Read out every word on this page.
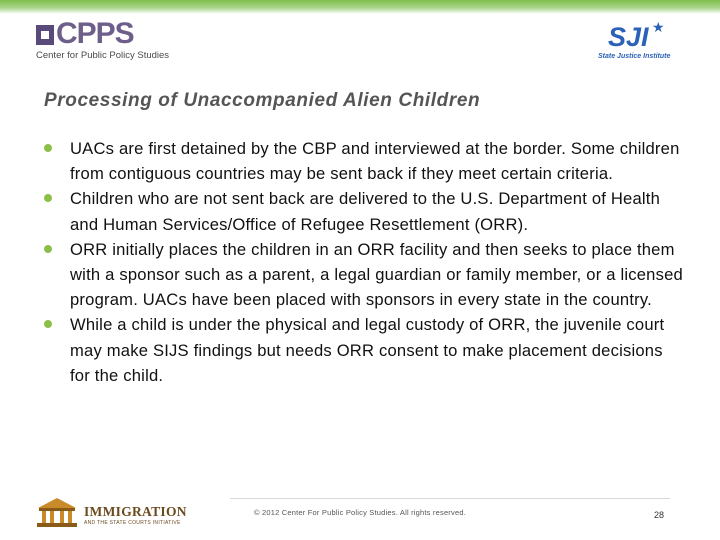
CPPS
Center for Public Policy Studies
SJI ★
State Justice Institute
Processing of Unaccompanied Alien Children
UACs are first detained by the CBP and interviewed at the border. Some children from contiguous countries may be sent back if they meet certain criteria.
Children who are not sent back are delivered to the U.S. Department of Health and Human Services/Office of Refugee Resettlement (ORR).
ORR initially places the children in an ORR facility and then seeks to place them with a sponsor such as a parent, a legal guardian or family member, or a licensed program. UACs have been placed with sponsors in every state in the country.
While a child is under the physical and legal custody of ORR, the juvenile court may make SIJS findings but needs ORR consent to make placement decisions for the child.
IMMIGRATION
AND THE STATE COURTS INITIATIVE
© 2012 Center For Public Policy Studies. All rights reserved.	28
